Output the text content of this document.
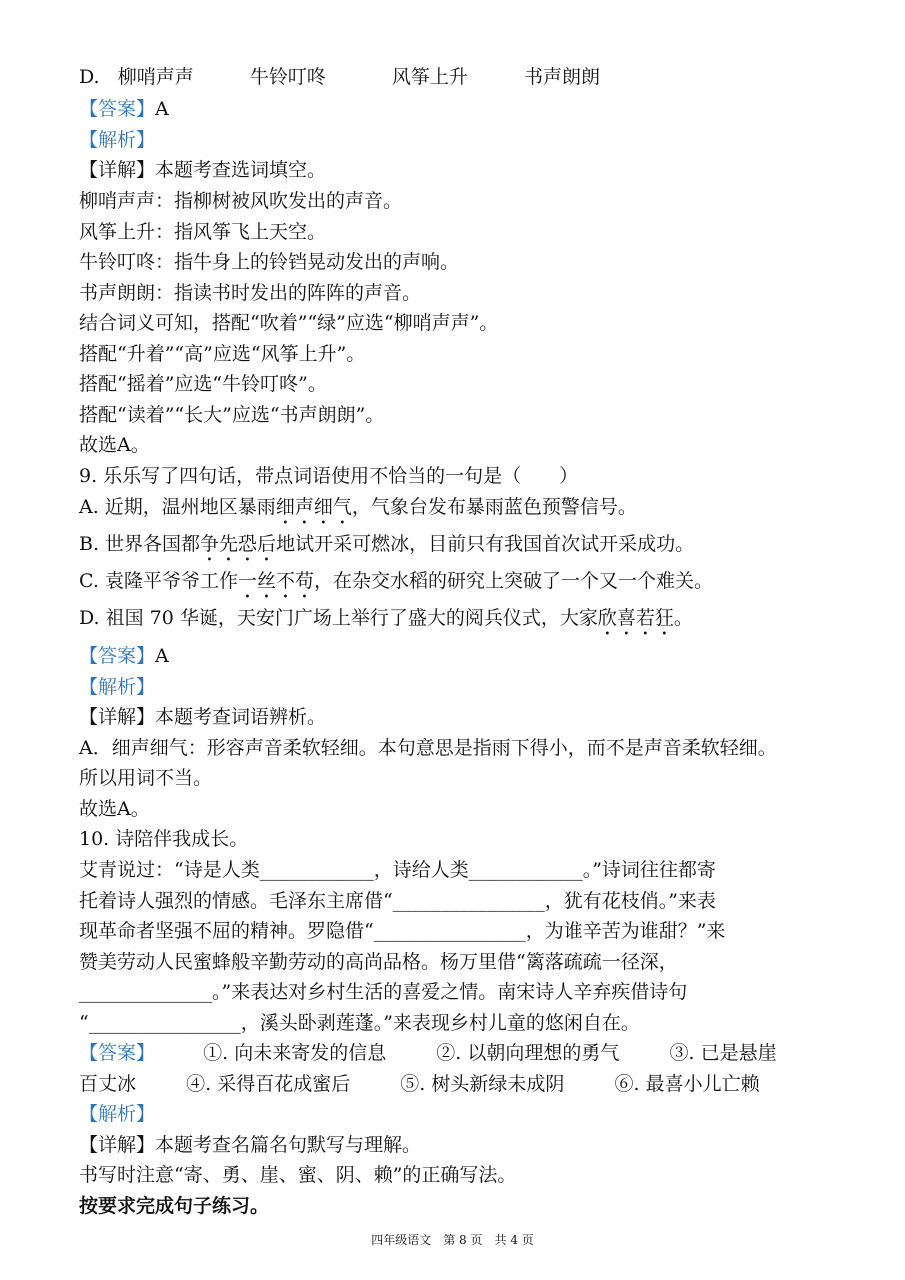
D. 柳哨声声	牛铃叮咚	风筝上升	书声朗朗
【答案】A
【解析】
【详解】本题考查选词填空。
柳哨声声：指柳树被风吹发出的声音。
风筝上升：指风筝飞上天空。
牛铃叮咚：指牛身上的铃铛晃动发出的声响。
书声朗朗：指读书时发出的阵阵的声音。
结合词义可知，搭配“吹着”“绿”应选“柳哨声声”。
搭配“升着”“高”应选“风筝上升”。
搭配“摇着”应选“牛铃叮咚”。
搭配“读着”“长大”应选“书声朗朗”。
故选A。
9. 乐乐写了四句话，带点词语使用不恰当的一句是（　　）
A. 近期，温州地区暴雨细声细气，气象台发布暴雨蓝色预警信号。
B. 世界各国都争先恐后地试开采可燃冰，目前只有我国首次试开采成功。
C. 袁隆平爷爷工作一丝不苟，在杂交水稻的研究上突破了一个又一个难关。
D. 祖国 70 华诞，天安门广场上举行了盛大的阅兵仪式，大家欣喜若狂。
【答案】A
【解析】
【详解】本题考查词语辨析。
A．细声细气：形容声音柔软轻细。本句意思是指雨下得小，而不是声音柔软轻细。
所以用词不当。
故选A。
10. 诗陪伴我成长。
艾青说过：“诗是人类____________，诗给人类____________。”诗词往往都寄
托着诗人强烈的情感。毛泽东主席借“________________，犹有花枝俏。”来表
现革命者坚强不屈的精神。罗隐借“________________，为谁辛苦为谁甜？”来
赞美劳动人民蜜蜂般辛勤劳动的高尚品格。杨万里借“篱落疏疏一径深，
______________。”来表达对乡村生活的喜爱之情。南宋诗人辛弃疾借诗句
“________________，溪头卧剥莲蓬。”来表现乡村儿童的悠闲自在。
【答案】	①. 向未来寄发的信息	②. 以朝向理想的勇气	③. 已是悬崖
百丈冰	④. 采得百花成蜜后	⑤. 树头新绿未成阴	⑥. 最喜小儿亡赖
【解析】
【详解】本题考查名篇名句默写与理解。
书写时注意“寄、勇、崖、蜜、阴、赖”的正确写法。
按要求完成句子练习。
四年级语文　第 8 页　共 4 页
